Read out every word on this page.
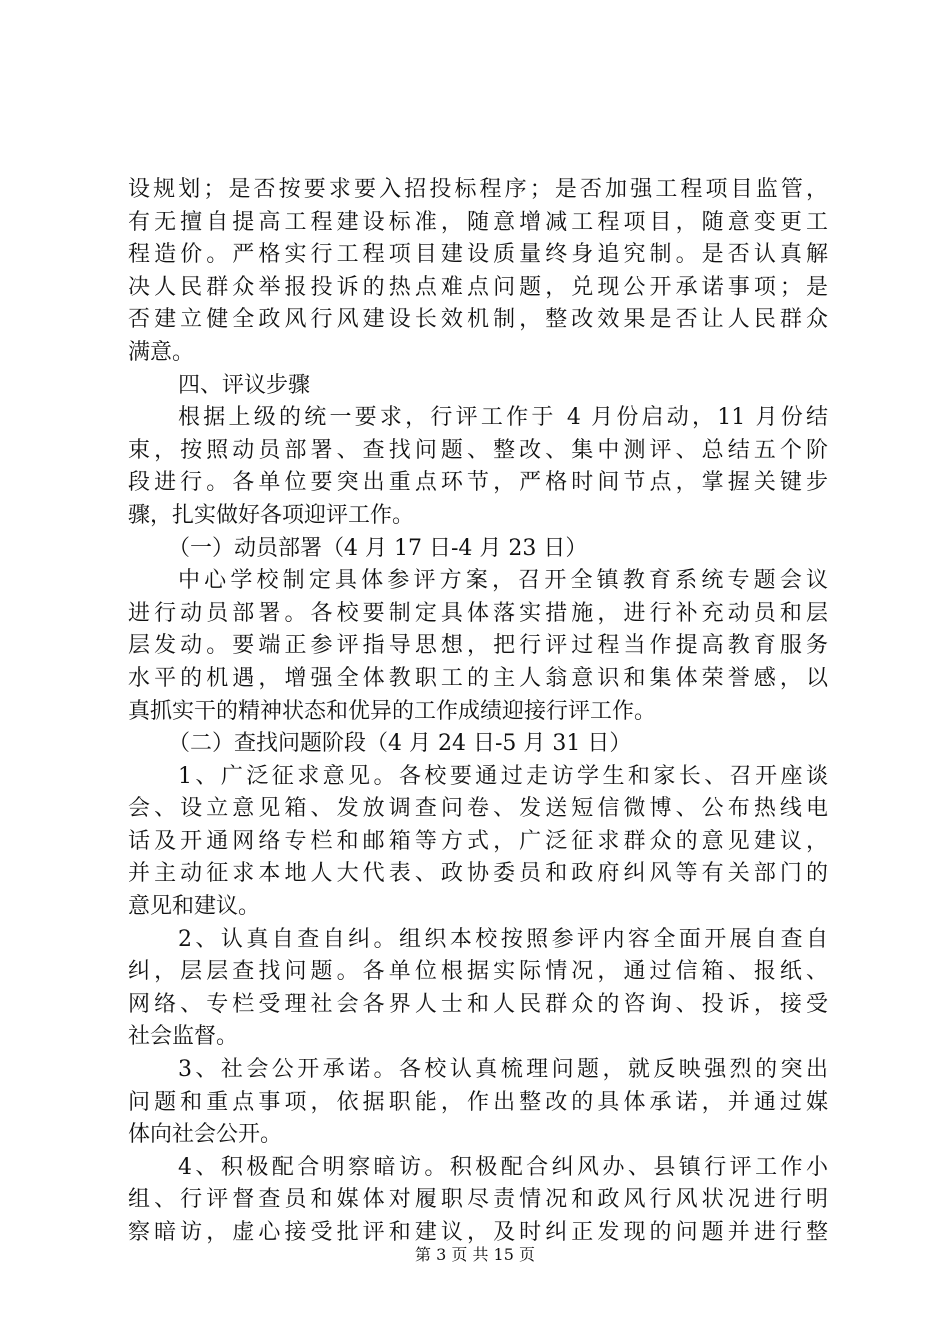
设规划；是否按要求要入招投标程序；是否加强工程项目监管，
有无擅自提高工程建设标准，随意增减工程项目，随意变更工
程造价。严格实行工程项目建设质量终身追究制。是否认真解
决人民群众举报投诉的热点难点问题，兑现公开承诺事项；是
否建立健全政风行风建设长效机制，整改效果是否让人民群众
满意。
四、评议步骤
根据上级的统一要求，行评工作于 4 月份启动，11 月份结
束，按照动员部署、查找问题、整改、集中测评、总结五个阶
段进行。各单位要突出重点环节，严格时间节点，掌握关键步
骤，扎实做好各项迎评工作。
（一）动员部署（4 月 17 日-4 月 23 日）
中心学校制定具体参评方案，召开全镇教育系统专题会议
进行动员部署。各校要制定具体落实措施，进行补充动员和层
层发动。要端正参评指导思想，把行评过程当作提高教育服务
水平的机遇，增强全体教职工的主人翁意识和集体荣誉感，以
真抓实干的精神状态和优异的工作成绩迎接行评工作。
（二）查找问题阶段（4 月 24 日-5 月 31 日）
1、广泛征求意见。各校要通过走访学生和家长、召开座谈
会、设立意见箱、发放调查问卷、发送短信微博、公布热线电
话及开通网络专栏和邮箱等方式，广泛征求群众的意见建议，
并主动征求本地人大代表、政协委员和政府纠风等有关部门的
意见和建议。
2、认真自查自纠。组织本校按照参评内容全面开展自查自
纠，层层查找问题。各单位根据实际情况，通过信箱、报纸、
网络、专栏受理社会各界人士和人民群众的咨询、投诉，接受
社会监督。
3、社会公开承诺。各校认真梳理问题，就反映强烈的突出
问题和重点事项，依据职能，作出整改的具体承诺，并通过媒
体向社会公开。
4、积极配合明察暗访。积极配合纠风办、县镇行评工作小
组、行评督查员和媒体对履职尽责情况和政风行风状况进行明
察暗访，虚心接受批评和建议，及时纠正发现的问题并进行整
第 3 页 共 15 页
